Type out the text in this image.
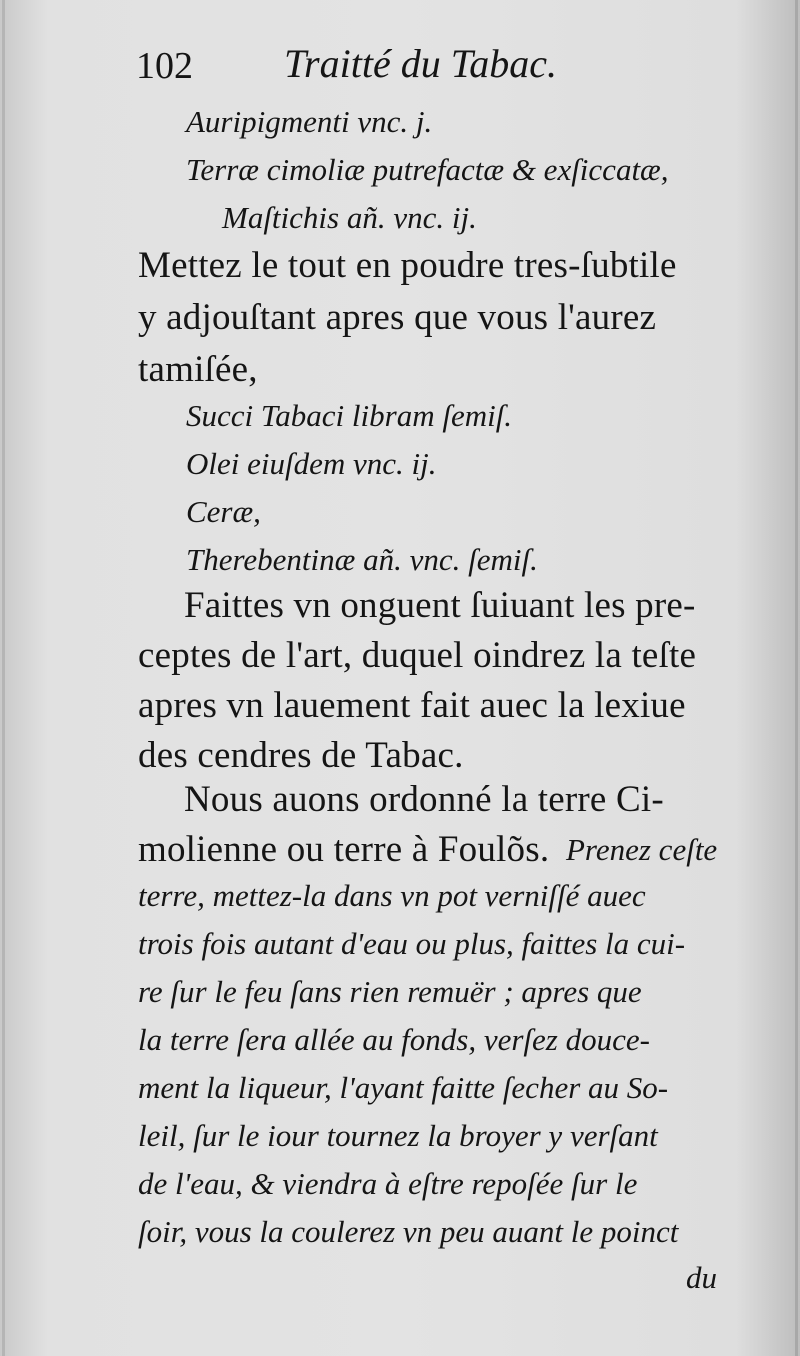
102 Traitté du Tabac.
Auripigmenti vnc. j.
Terræ cimoliæ putrefactæ & exſiccatæ,
Maſtichis añ. vnc. ij.
Mettez le tout en poudre tres-ſubtile
y adjouſtant apres que vous l'aurez
tamiſée,
Succi Tabaci libram ſemiſ.
Olei eiuſdem vnc. ij.
Ceræ,
Therebentinæ añ. vnc. ſemiſ.
Faittes vn onguent ſuiuant les pre-
ceptes de l'art, duquel oindrez la teſte
apres vn lauement fait auec la lexiue
des cendres de Tabac.
Nous auons ordonné la terre Ci-
molienne ou terre à Foulõs. Prenez ceſte
terre, mettez-la dans vn pot verniſſé auec
trois fois autant d'eau ou plus, faittes la cui-
re ſur le feu ſans rien remuër ; apres que
la terre ſera allée au fonds, verſez douce-
ment la liqueur, l'ayant faitte ſecher au So-
leil, ſur le iour tournez la broyer y verſant
de l'eau, & viendra à eſtre repoſée ſur le
ſoir, vous la coulerez vn peu auant le poinct
du
